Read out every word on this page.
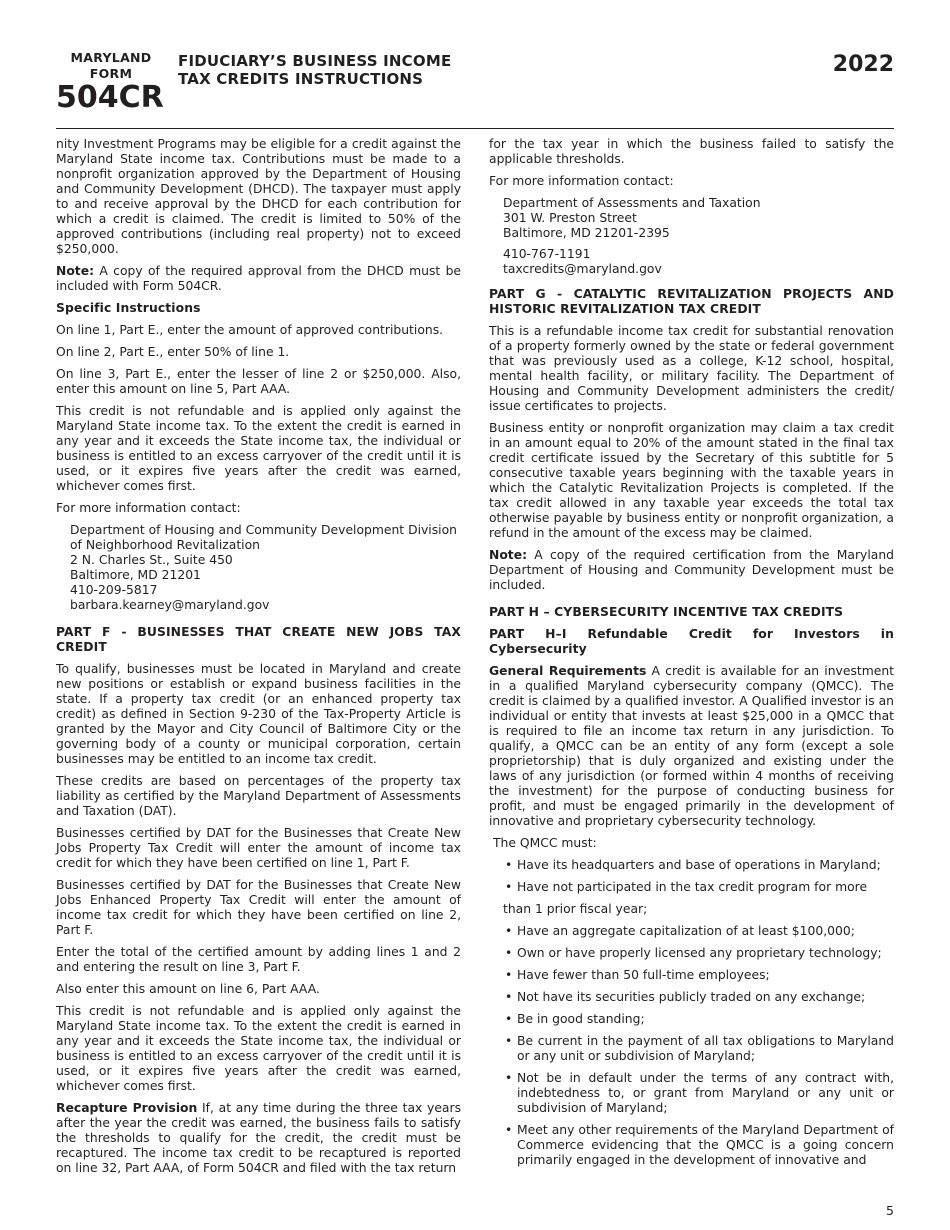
MARYLAND
FORM
504CR
FIDUCIARY’S BUSINESS INCOME
TAX CREDITS INSTRUCTIONS
2022

nity Investment Programs may be eligible for a credit against the Maryland State income tax. Contributions must be made to a nonprofit organization approved by the Department of Housing and Community Development (DHCD). The taxpayer must apply to and receive approval by the DHCD for each contribution for which a credit is claimed. The credit is limited to 50% of the approved contributions (including real property) not to exceed $250,000.

Note: A copy of the required approval from the DHCD must be included with Form 504CR.

Specific Instructions

On line 1, Part E., enter the amount of approved contributions.

On line 2, Part E., enter 50% of line 1.

On line 3, Part E., enter the lesser of line 2 or $250,000. Also, enter this amount on line 5, Part AAA.

This credit is not refundable and is applied only against the Maryland State income tax. To the extent the credit is earned in any year and it exceeds the State income tax, the individual or business is entitled to an excess carryover of the credit until it is used, or it expires five years after the credit was earned, whichever comes first.

For more information contact:

Department of Housing and Community Development Division
of Neighborhood Revitalization
2 N. Charles St., Suite 450
Baltimore, MD 21201
410-209-5817
barbara.kearney@maryland.gov
PART F - BUSINESSES THAT CREATE NEW JOBS TAX CREDIT

To qualify, businesses must be located in Maryland and create new positions or establish or expand business facilities in the state. If a property tax credit (or an enhanced property tax credit) as defined in Section 9-230 of the Tax-Property Article is granted by the Mayor and City Council of Baltimore City or the governing body of a county or municipal corporation, certain businesses may be entitled to an income tax credit.

These credits are based on percentages of the property tax liability as certified by the Maryland Department of Assessments and Taxation (DAT).

Businesses certified by DAT for the Businesses that Create New Jobs Property Tax Credit will enter the amount of income tax credit for which they have been certified on line 1, Part F.

Businesses certified by DAT for the Businesses that Create New Jobs Enhanced Property Tax Credit will enter the amount of income tax credit for which they have been certified on line 2, Part F.

Enter the total of the certified amount by adding lines 1 and 2 and entering the result on line 3, Part F.

Also enter this amount on line 6, Part AAA.

This credit is not refundable and is applied only against the Maryland State income tax. To the extent the credit is earned in any year and it exceeds the State income tax, the individual or business is entitled to an excess carryover of the credit until it is used, or it expires five years after the credit was earned, whichever comes first.

Recapture Provision If, at any time during the three tax years after the year the credit was earned, the business fails to satisfy the thresholds to qualify for the credit, the credit must be recaptured. The income tax credit to be recaptured is reported on line 32, Part AAA, of Form 504CR and filed with the tax return

for the tax year in which the business failed to satisfy the applicable thresholds.

For more information contact:

Department of Assessments and Taxation
301 W. Preston Street
Baltimore, MD 21201-2395
410-767-1191
taxcredits@maryland.gov
PART G - CATALYTIC REVITALIZATION PROJECTS AND HISTORIC REVITALIZATION TAX CREDIT

This is a refundable income tax credit for substantial renovation of a property formerly owned by the state or federal government that was previously used as a college, K-12 school, hospital, mental health facility, or military facility. The Department of Housing and Community Development administers the credit/ issue certificates to projects.

Business entity or nonprofit organization may claim a tax credit in an amount equal to 20% of the amount stated in the final tax credit certificate issued by the Secretary of this subtitle for 5 consecutive taxable years beginning with the taxable years in which the Catalytic Revitalization Projects is completed. If the tax credit allowed in any taxable year exceeds the total tax otherwise payable by business entity or nonprofit organization, a refund in the amount of the excess may be claimed.

Note: A copy of the required certification from the Maryland Department of Housing and Community Development must be included.

PART H – CYBERSECURITY INCENTIVE TAX CREDITS
PART H–I Refundable Credit for Investors in Cybersecurity

General Requirements A credit is available for an investment in a qualified Maryland cybersecurity company (QMCC). The credit is claimed by a qualified investor. A Qualified investor is an individual or entity that invests at least $25,000 in a QMCC that is required to file an income tax return in any jurisdiction. To qualify, a QMCC can be an entity of any form (except a sole proprietorship) that is duly organized and existing under the laws of any jurisdiction (or formed within 4 months of receiving the investment) for the purpose of conducting business for profit, and must be engaged primarily in the development of innovative and proprietary cybersecurity technology.

The QMCC must:
• Have its headquarters and base of operations in Maryland;
• Have not participated in the tax credit program for more
than 1 prior fiscal year;
• Have an aggregate capitalization of at least $100,000;
• Own or have properly licensed any proprietary technology;
• Have fewer than 50 full-time employees;
• Not have its securities publicly traded on any exchange;
• Be in good standing;
• Be current in the payment of all tax obligations to Maryland or any unit or subdivision of Maryland;
• Not be in default under the terms of any contract with, indebtedness to, or grant from Maryland or any unit or subdivision of Maryland;
• Meet any other requirements of the Maryland Department of Commerce evidencing that the QMCC is a going concern primarily engaged in the development of innovative and
5
